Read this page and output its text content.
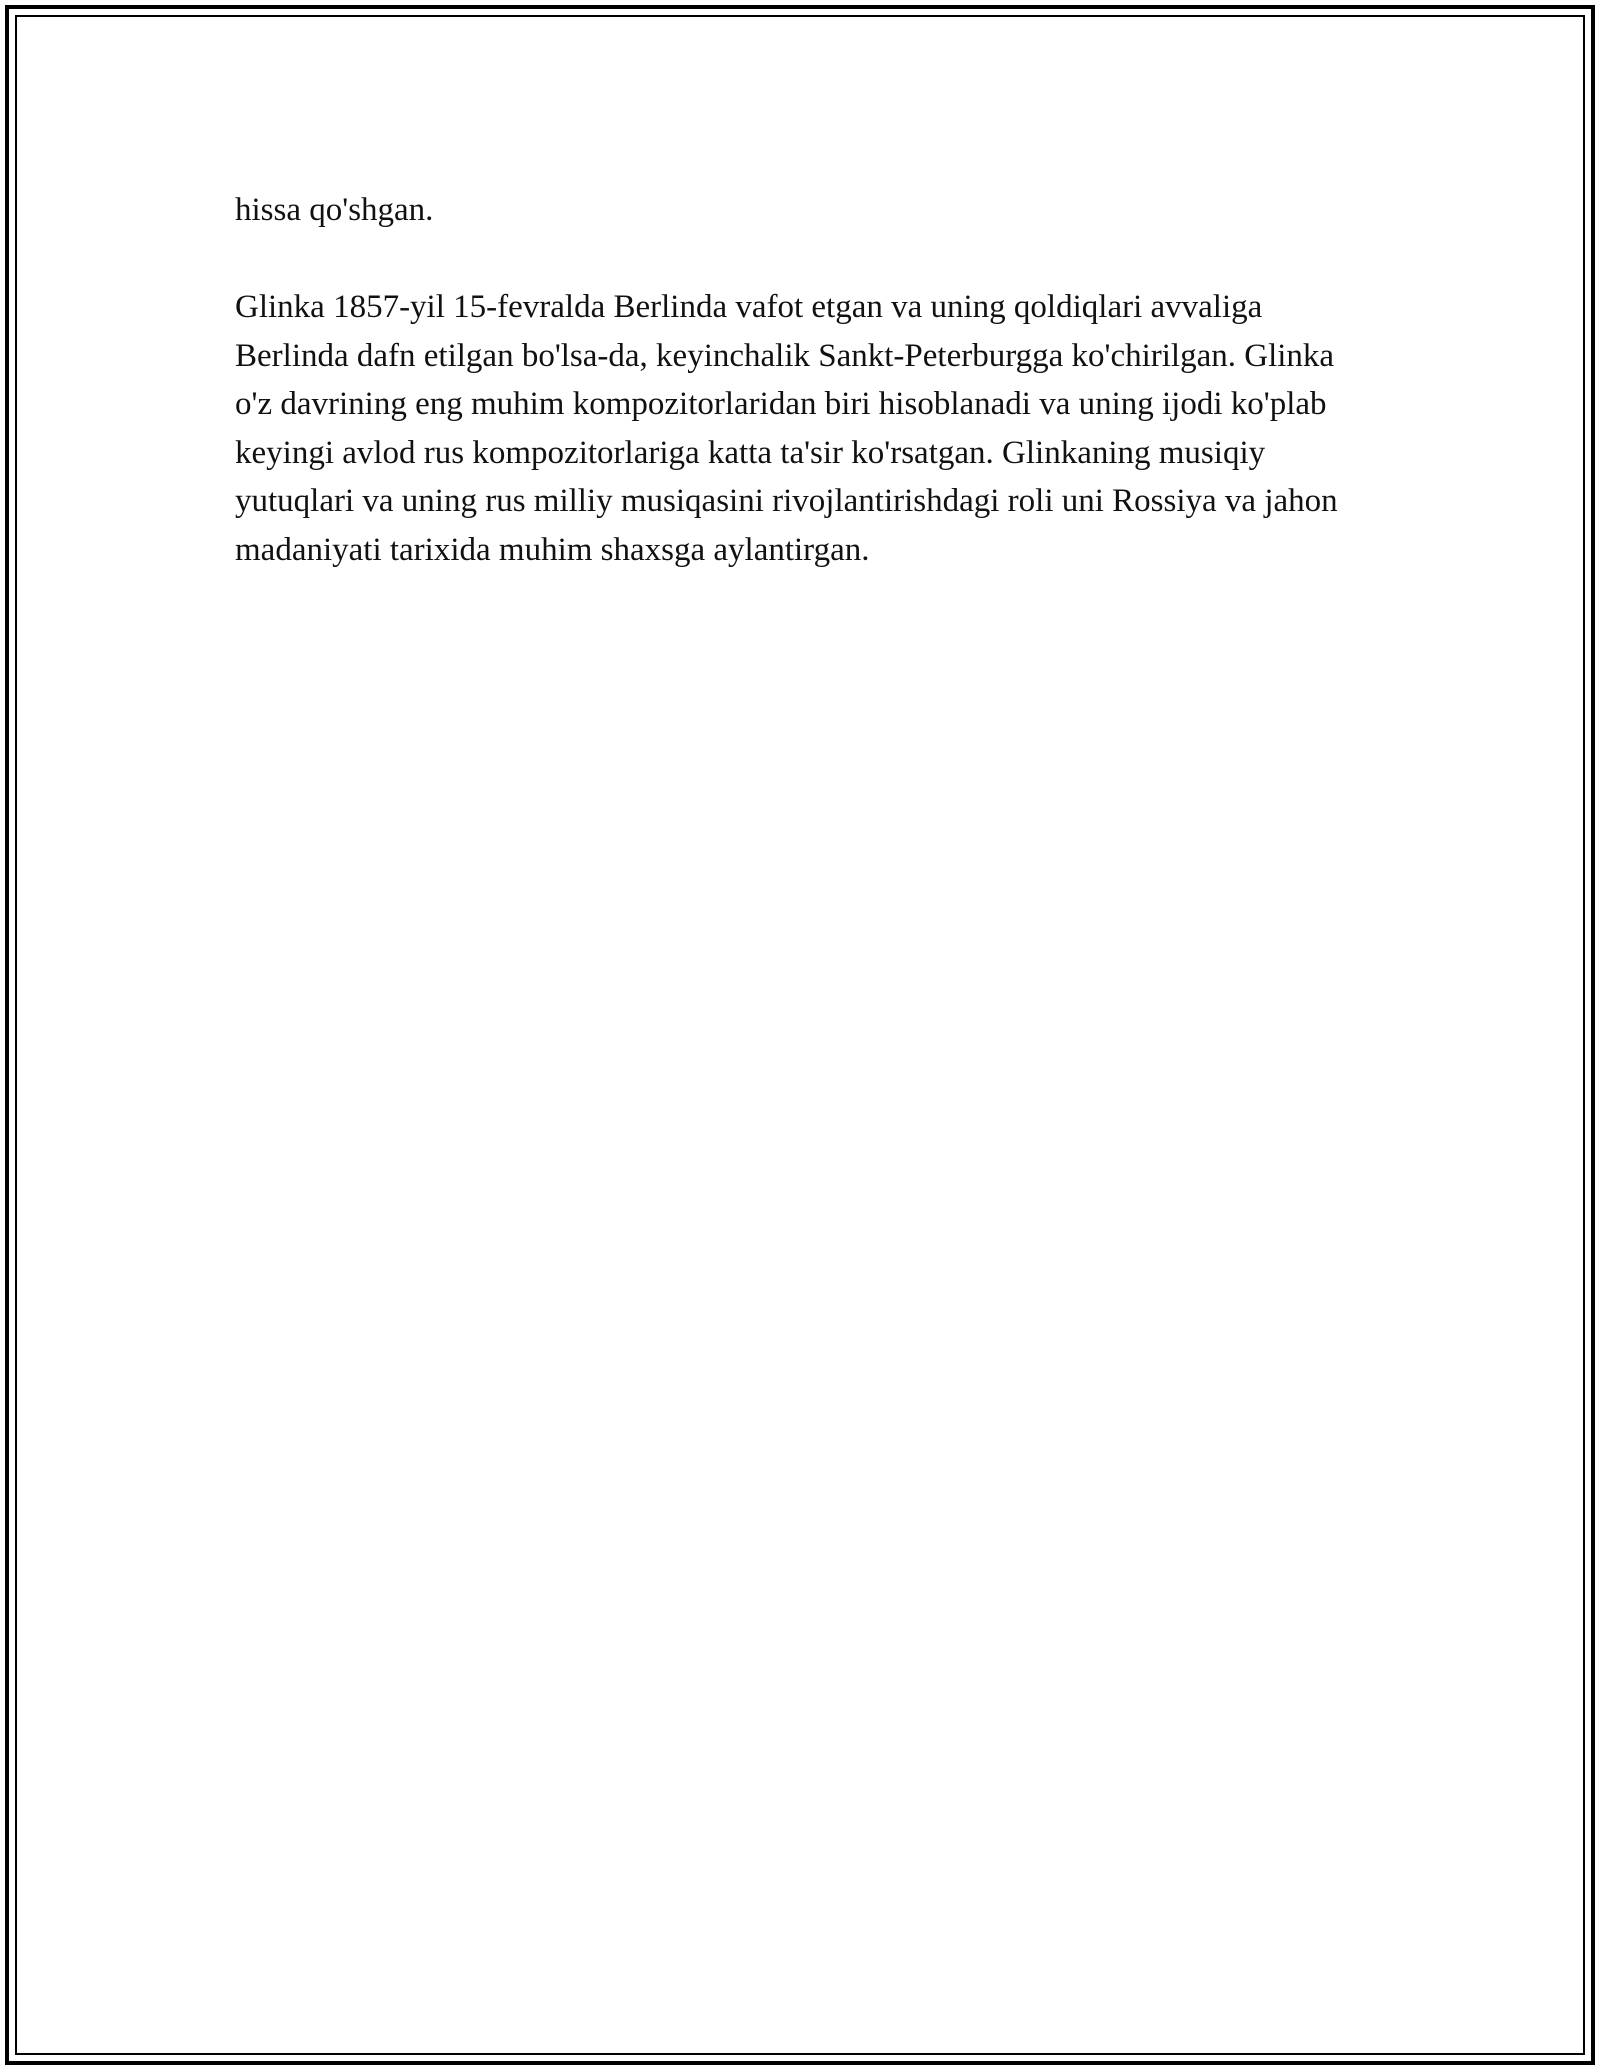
hissa qo'shgan.

Glinka 1857-yil 15-fevralda Berlinda vafot etgan va uning qoldiqlari avvaliga Berlinda dafn etilgan bo'lsa-da, keyinchalik Sankt-Peterburgga ko'chirilgan. Glinka o'z davrining eng muhim kompozitorlaridan biri hisoblanadi va uning ijodi ko'plab keyingi avlod rus kompozitorlariga katta ta'sir ko'rsatgan. Glinkaning musiqiy yutuqlari va uning rus milliy musiqasini rivojlantirishdagi roli uni Rossiya va jahon madaniyati tarixida muhim shaxsga aylantirgan.
